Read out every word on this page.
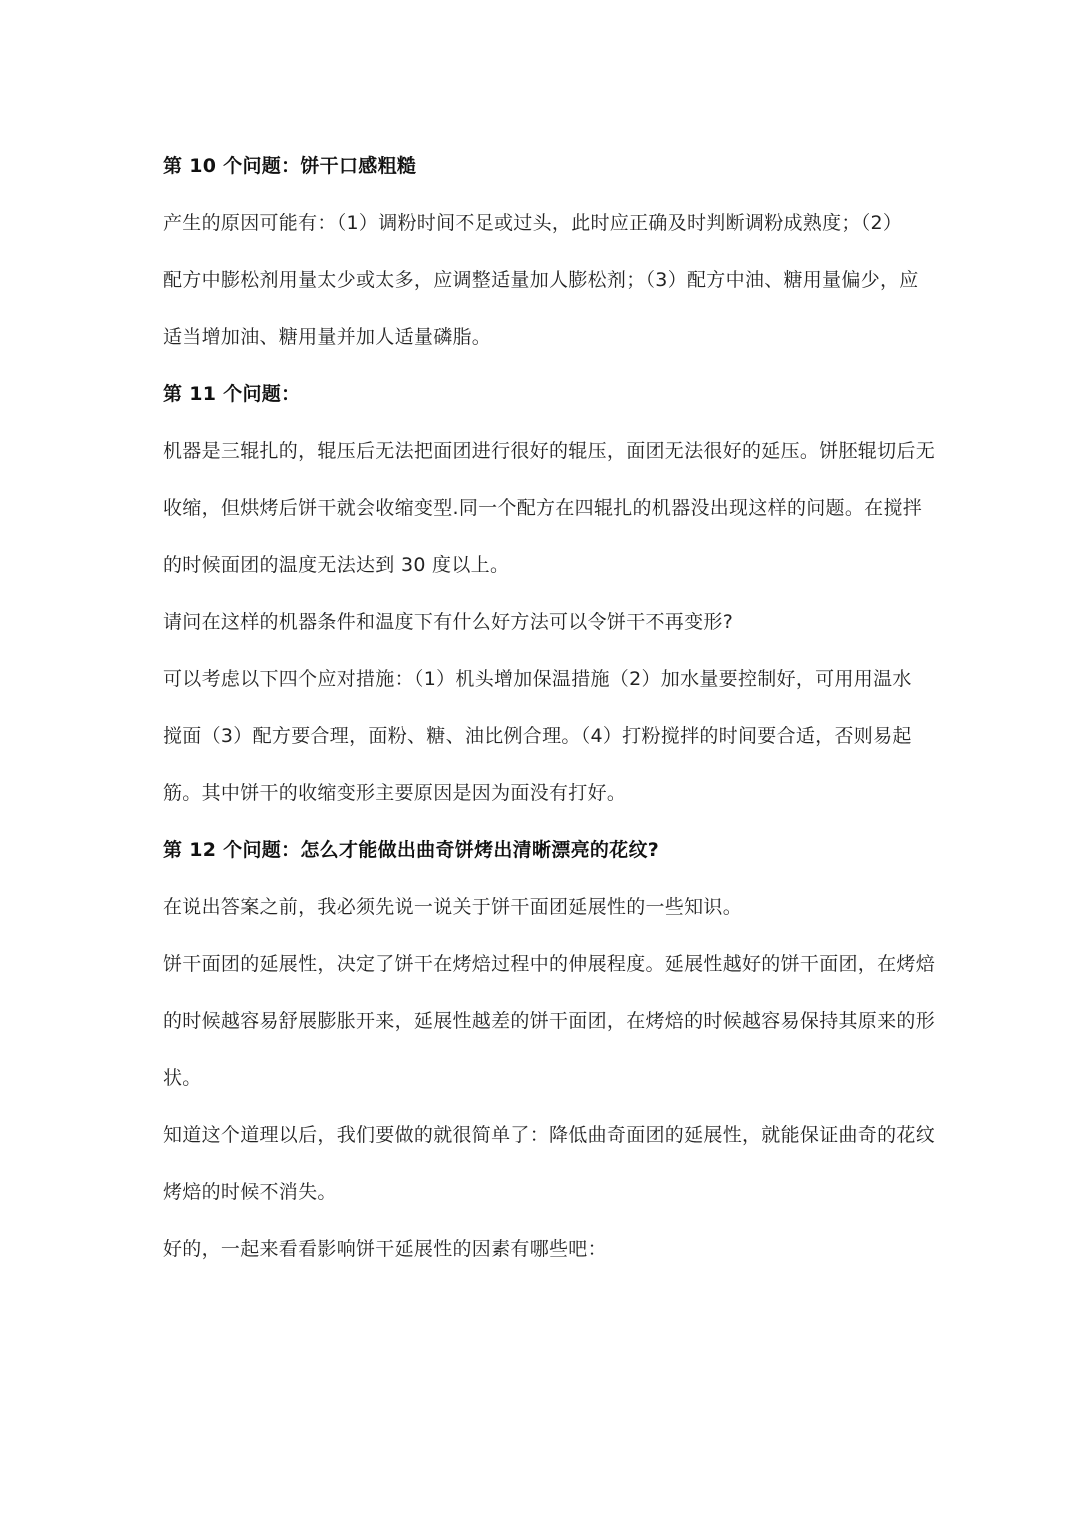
第 10 个问题：饼干口感粗糙

产生的原因可能有：（1）调粉时间不足或过头，此时应正确及时判断调粉成熟度；（2）

配方中膨松剂用量太少或太多，应调整适量加人膨松剂；（3）配方中油、糖用量偏少，应

适当增加油、糖用量并加人适量磷脂。

第 11 个问题：

机器是三辊扎的，辊压后无法把面团进行很好的辊压，面团无法很好的延压。饼胚辊切后无

收缩，但烘烤后饼干就会收缩变型.同一个配方在四辊扎的机器没出现这样的问题。在搅拌

的时候面团的温度无法达到 30 度以上。

请问在这样的机器条件和温度下有什么好方法可以令饼干不再变形?

可以考虑以下四个应对措施：（1）机头增加保温措施（2）加水量要控制好，可用用温水

搅面（3）配方要合理，面粉、糖、油比例合理。（4）打粉搅拌的时间要合适，否则易起

筋。其中饼干的收缩变形主要原因是因为面没有打好。

第 12 个问题：怎么才能做出曲奇饼烤出清晰漂亮的花纹?

在说出答案之前，我必须先说一说关于饼干面团延展性的一些知识。

饼干面团的延展性，决定了饼干在烤焙过程中的伸展程度。延展性越好的饼干面团，在烤焙

的时候越容易舒展膨胀开来，延展性越差的饼干面团，在烤焙的时候越容易保持其原来的形

状。

知道这个道理以后，我们要做的就很简单了：降低曲奇面团的延展性，就能保证曲奇的花纹

烤焙的时候不消失。

好的，一起来看看影响饼干延展性的因素有哪些吧：
